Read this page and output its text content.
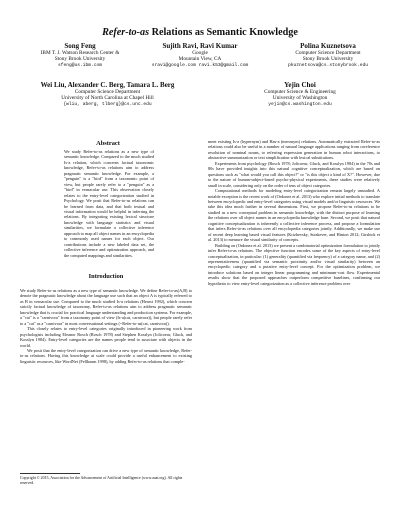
Refer-to-as Relations as Semantic Knowledge
Song Feng
IBM T. J. Watson Research Center &
Stony Brook University
sfeng@us.ibm.com
Sujith Ravi, Ravi Kumar
Google
Mountain View, CA
sravi@google.com ravi.k53@gmail.com
Polina Kuznetsova
Computer Science Department
Stony Brook University
pkuznetsova@cs.stonybrook.edu
Wei Liu, Alexander C. Berg, Tamara L. Berg
Computer Science Department
University of North Carolina at Chapel Hill
{wliu, aberg, tlberg}@cs.unc.edu
Yejin Choi
Computer Science & Engineering
University of Washington
yejin@cs.washington.edu
Abstract
We study Refer-to-as relations as a new type of semantic knowledge. Compared to the much studied Is-a relation, which concerns factual taxonomic knowledge, Refer-to-as relations aim to address pragmatic semantic knowledge. For example, a "penguin" is a "bird" from a taxonomic point of view, but people rarely refer to a "penguin" as a "bird" in vernacular use. This observation closely relates to the entry-level categorization studied in Psychology. We posit that Refer-to-as relations can be learned from data, and that both textual and visual information would be helpful in inferring the relations. By integrating existing lexical structure knowledge with language statistics and visual similarities, we formulate a collective inference approach to map all object names in an encyclopedia to commonly used names for each object. Our contributions include a new labeled data set, the collective inference and optimization approach, and the computed mappings and similarities.
Introduction

We study Refer-to-as relations as a new type of semantic knowledge. We define Refer-to-as(A,B) to denote the pragmatic knowledge about the language use such that an object A is typically referred to as B in vernacular use. Compared to the much studied Is-a relations (Hearst 1992), which concern strictly factual knowledge of taxonomy, Refer-to-as relations aim to address pragmatic semantic knowledge that is crucial for practical language understanding and production systems. For example, a "cat" is a "carnivora" from a taxonomy point of view (Is-a(cat, carnivora)), but people rarely refer to a "cat" as a "carnivora" in most conversational settings (~Refer-to-as(cat, carnivora)).

This closely relates to entry-level categories originally introduced in pioneering work from psychologists including Eleanor Rosch (Rosch 1978) and Stephen Kosslyn (Jolicoeur, Gluck, and Kosslyn 1984). Entry-level categories are the names people tend to associate with objects in the world.

We posit that the entry-level categorization can drive a new type of semantic knowledge, Refer-to-as relations. Having this knowledge at scale could provide a useful enhancement to existing linguistic resources, like WordNet (Fellbaum 1998), by adding Refer-to-as relations that comple-

ment existing Is-a (hypernym) and Has-a (meronym) relations. Automatically extracted Refer-to-as relations could also be useful in a number of natural language applications ranging from coreference resolution of nominal nouns, to referring expression generation in human robot interactions, to abstractive summarization or text simplification with lexical substitutions.

Experiments from psychology (Rosch 1978; Jolicoeur, Gluck, and Kosslyn 1984) in the 70s and 80s have provided insights into this natural cognitive conceptualization, which are based on questions such as "what would you call this object?" or "is this object a kind of X?". However, due to the nature of human-subject-based psycho-physical experiments, these studies were relatively small in scale, considering only on the order of tens of object categories.

Computational methods for modeling entry-level categorization remain largely unstudied. A notable exception is the recent work of (Ordonez et al. 2013) who explore initial methods to translate between encyclopedic and entry-level categories using visual models and/or linguistic resources. We take this idea much further in several dimensions. First, we propose Refer-to-as relations to be studied as a new conceptual problem in semantic knowledge, with the distinct purpose of learning the relations over all object names in an encyclopedia knowledge base. Second, we posit that natural cognitive conceptualization is inherently a collective inference process, and propose a formulation that infers Refer-to-as relations over all encyclopedia categories jointly. Additionally, we make use of recent deep learning based visual features (Krizhevsky, Sutskever, and Hinton 2012; Girshick et al. 2013) to measure the visual similarity of concepts.

Building on (Ordonez et al. 2013) we present a combinatorial optimization formulation to jointly infer Refer-to-as relations. The objective function encodes some of the key aspects of entry-level conceptualization, in particular: (1) generality (quantified via frequency) of a category name, and (2) representativeness (quantified via semantic proximity and/or visual similarity) between an encyclopedic category and a putative entry-level concept. For the optimization problem, we introduce solutions based on integer linear programming and minimum-cost flow. Experimental results show that the proposed approaches outperform competitive baselines, confirming our hypothesis to view entry-level categorization as a collective inference problem over

Copyright © 2015, Association for the Advancement of Artificial Intelligence (www.aaai.org). All rights reserved.
